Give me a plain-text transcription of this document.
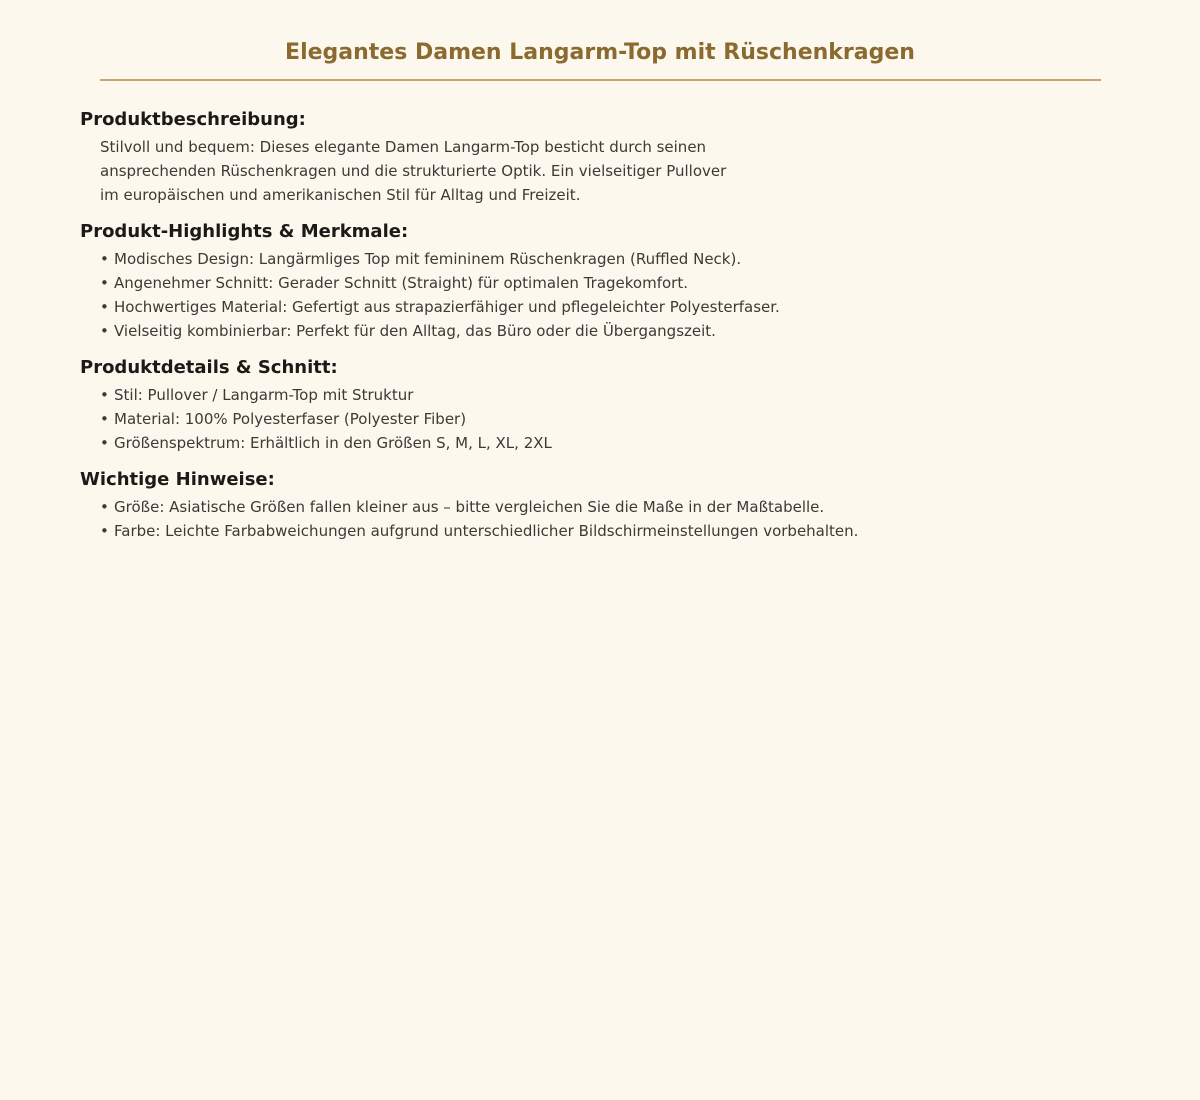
Elegantes Damen Langarm-Top mit Rüschenkragen
Produktbeschreibung:

Stilvoll und bequem: Dieses elegante Damen Langarm-Top besticht durch seinen ansprechenden Rüschenkragen und die strukturierte Optik. Ein vielseitiger Pullover im europäischen und amerikanischen Stil für Alltag und Freizeit.

Produkt-Highlights & Merkmale:
• Modisches Design: Langärmliges Top mit femininem Rüschenkragen (Ruffled Neck).
• Angenehmer Schnitt: Gerader Schnitt (Straight) für optimalen Tragekomfort.
• Hochwertiges Material: Gefertigt aus strapazierfähiger und pflegeleichter Polyesterfaser.
• Vielseitig kombinierbar: Perfekt für den Alltag, das Büro oder die Übergangszeit.
Produktdetails & Schnitt:
• Stil: Pullover / Langarm-Top mit Struktur
• Material: 100% Polyesterfaser (Polyester Fiber)
• Größenspektrum: Erhältlich in den Größen S, M, L, XL, 2XL
Wichtige Hinweise:
• Größe: Asiatische Größen fallen kleiner aus – bitte vergleichen Sie die Maße in der Maßtabelle.
• Farbe: Leichte Farbabweichungen aufgrund unterschiedlicher Bildschirmeinstellungen vorbehalten.
